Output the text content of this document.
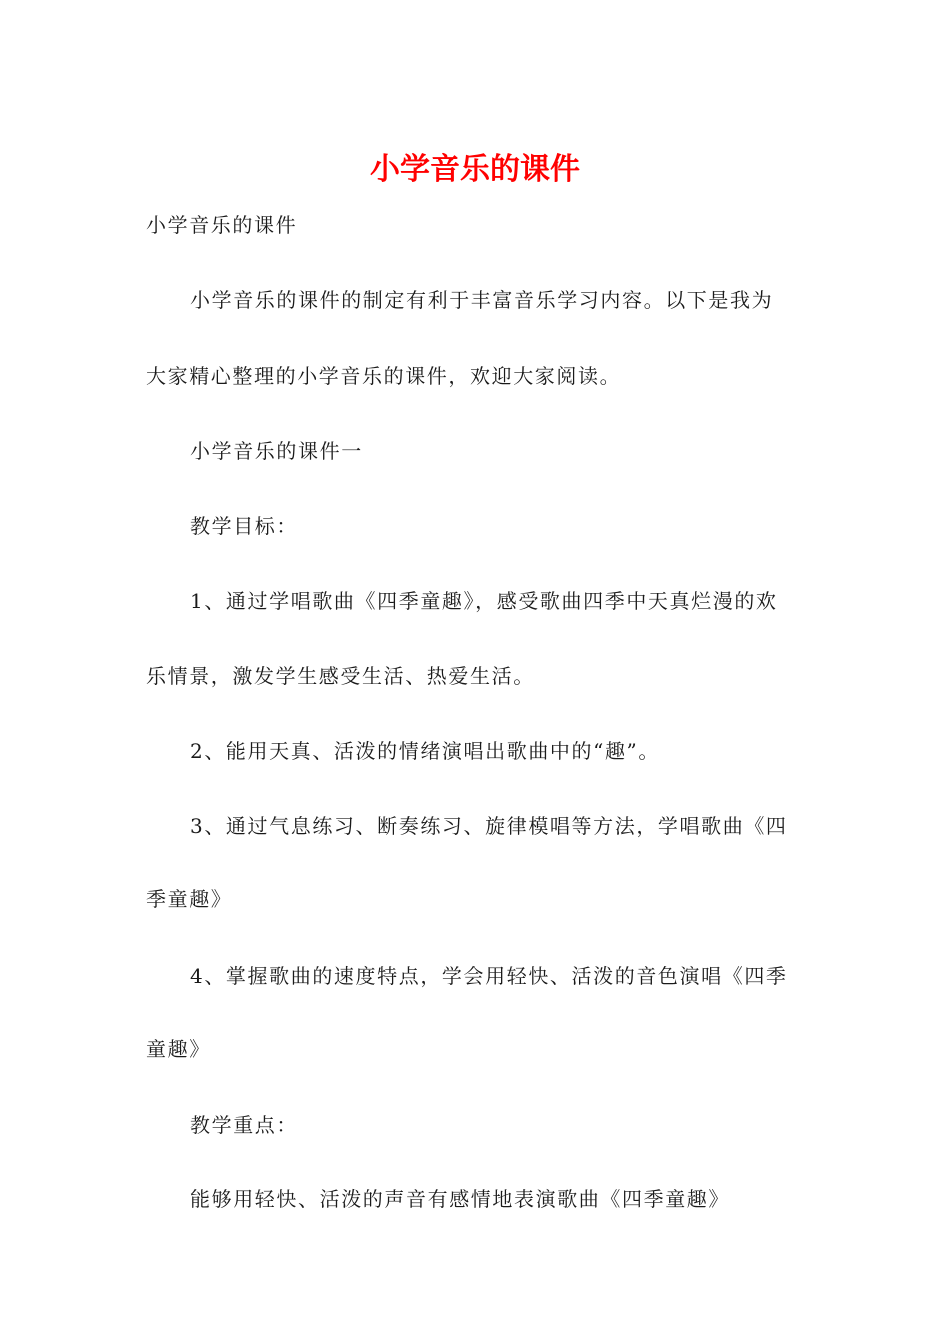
小学音乐的课件

小学音乐的课件

小学音乐的课件的制定有利于丰富音乐学习内容。以下是我为

大家精心整理的小学音乐的课件，欢迎大家阅读。

小学音乐的课件一

教学目标：

1、通过学唱歌曲《四季童趣》，感受歌曲四季中天真烂漫的欢

乐情景，激发学生感受生活、热爱生活。

2、能用天真、活泼的情绪演唱出歌曲中的“趣”。

3、通过气息练习、断奏练习、旋律模唱等方法，学唱歌曲《四

季童趣》

4、掌握歌曲的速度特点，学会用轻快、活泼的音色演唱《四季

童趣》

教学重点：

能够用轻快、活泼的声音有感情地表演歌曲《四季童趣》
